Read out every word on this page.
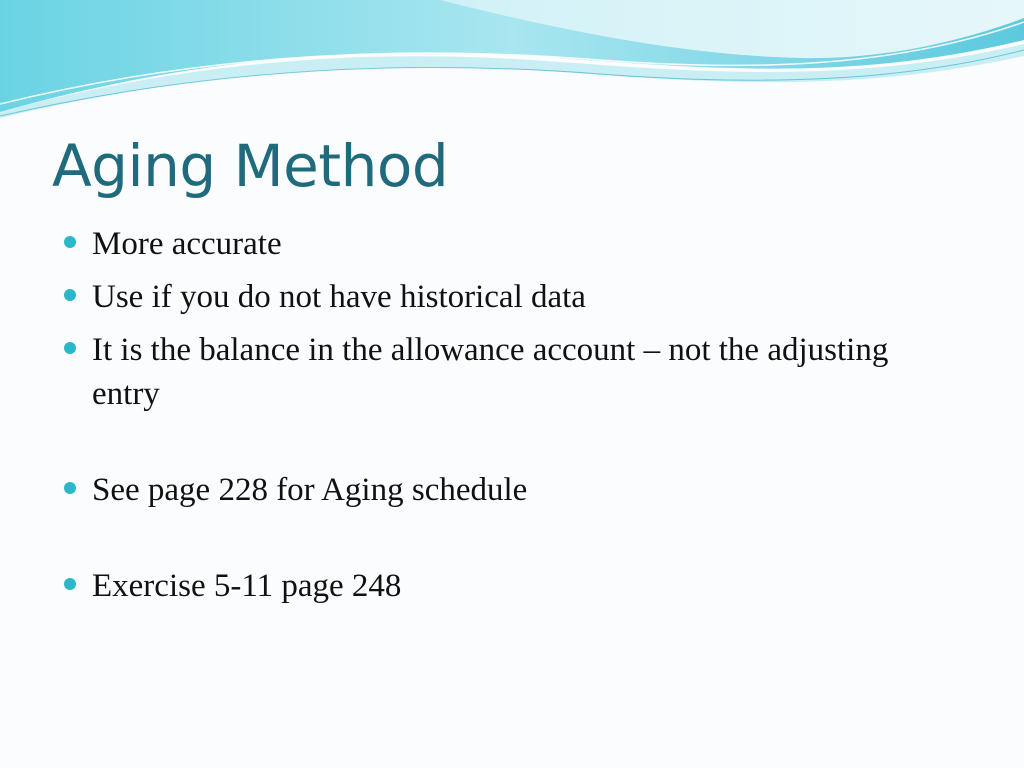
Aging Method
More accurate
Use if you do not have historical data
It is the balance in the allowance account – not the adjusting entry
See page 228 for Aging schedule
Exercise 5-11 page 248
